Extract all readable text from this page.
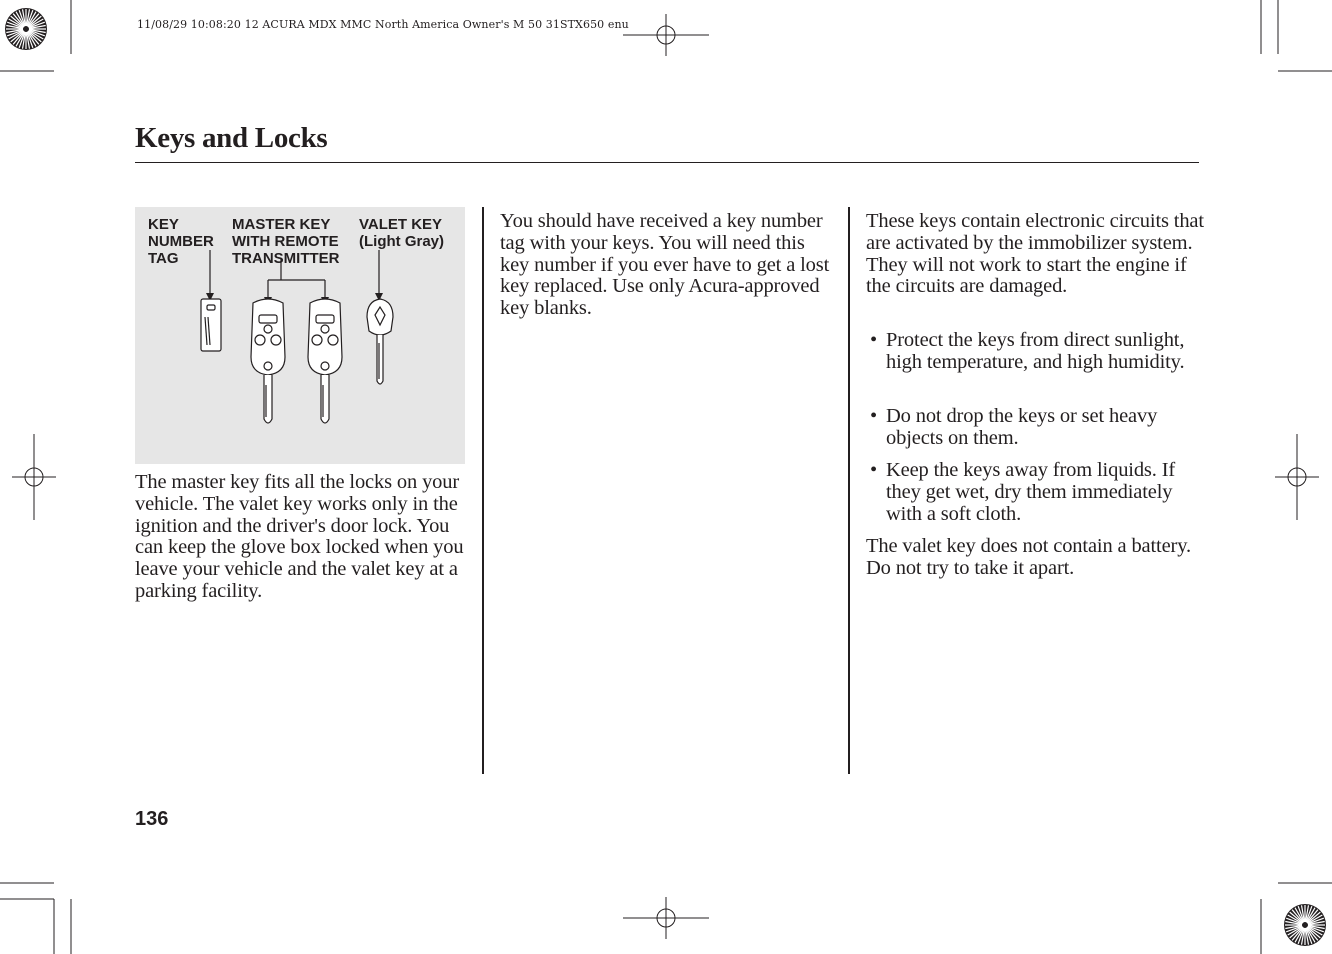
11/08/29 10:08:20 12 ACURA MDX MMC North America Owner's M 50 31STX650 enu
Keys and Locks
KEY
NUMBER
TAG
MASTER KEY
WITH REMOTE
TRANSMITTER
VALET KEY
(Light Gray)
The master key fits all the locks on your vehicle. The valet key works only in the ignition and the driver's door lock. You can keep the glove box locked when you leave your vehicle and the valet key at a parking facility.
You should have received a key number tag with your keys. You will need this key number if you ever have to get a lost key replaced. Use only Acura-approved key blanks.
These keys contain electronic circuits that are activated by the immobilizer system. They will not work to start the engine if the circuits are damaged.
• Protect the keys from direct sunlight, high temperature, and high humidity.
• Do not drop the keys or set heavy objects on them.
• Keep the keys away from liquids. If they get wet, dry them immediately with a soft cloth.
The valet key does not contain a battery. Do not try to take it apart.
136
